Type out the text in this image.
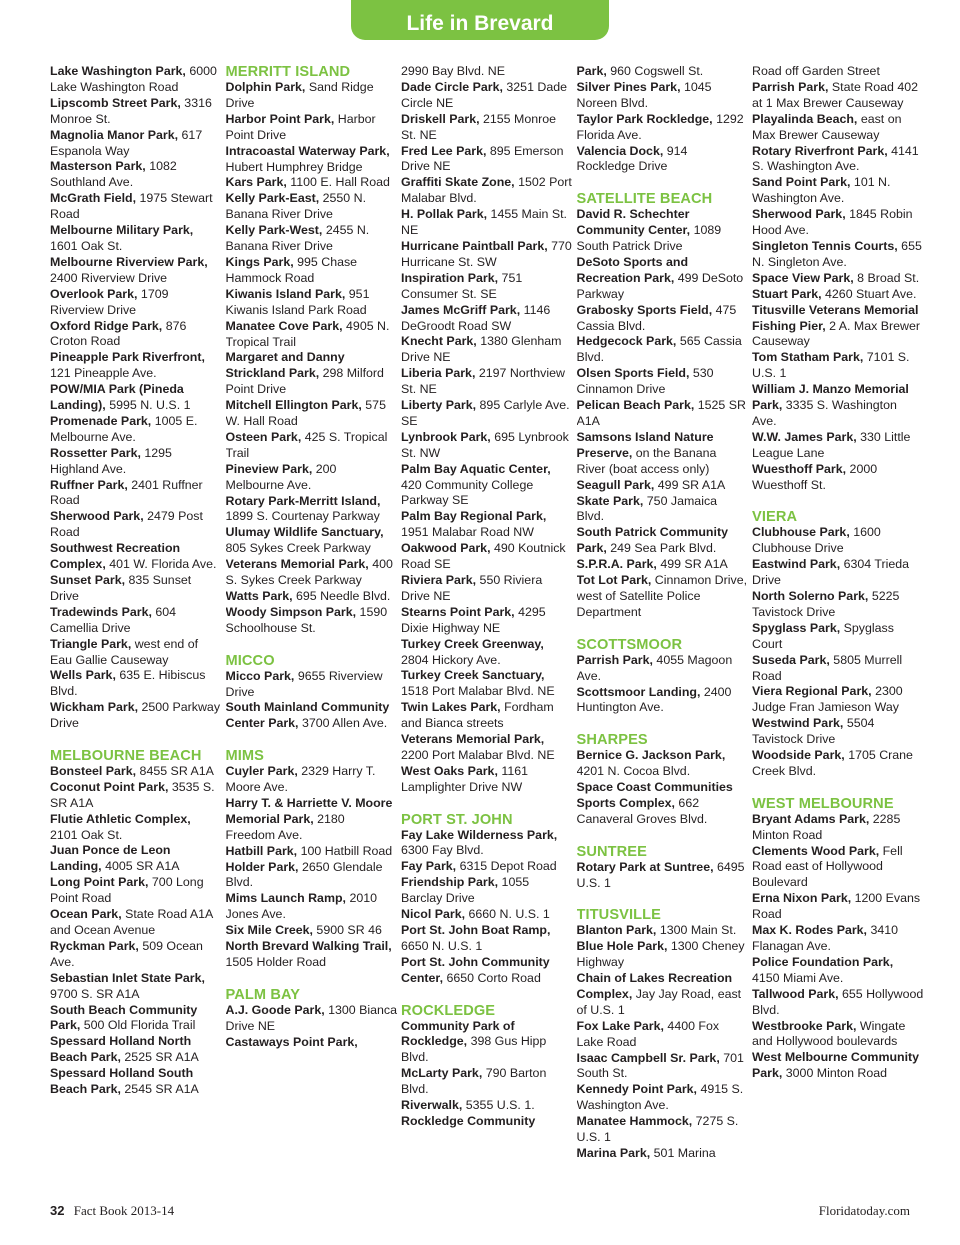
Life in Brevard

Lake Washington Park, 6000 Lake Washington Road

Lipscomb Street Park, 3316 Monroe St.

Magnolia Manor Park, 617 Espanola Way

Masterson Park, 1082 Southland Ave.

McGrath Field, 1975 Stewart Road

Melbourne Military Park, 1601 Oak St.

Melbourne Riverview Park, 2400 Riverview Drive

Overlook Park, 1709 Riverview Drive

Oxford Ridge Park, 876 Croton Road

Pineapple Park Riverfront, 121 Pineapple Ave.

POW/MIA Park (Pineda Landing), 5995 N. U.S. 1

Promenade Park, 1005 E. Melbourne Ave.

Rossetter Park, 1295 Highland Ave.

Ruffner Park, 2401 Ruffner Road

Sherwood Park, 2479 Post Road

Southwest Recreation Complex, 401 W. Florida Ave.

Sunset Park, 835 Sunset Drive

Tradewinds Park, 604 Camellia Drive

Triangle Park, west end of Eau Gallie Causeway

Wells Park, 635 E. Hibiscus Blvd.

Wickham Park, 2500 Parkway Drive

MELBOURNE BEACH

Bonsteel Park, 8455 SR A1A

Coconut Point Park, 3535 S. SR A1A

Flutie Athletic Complex, 2101 Oak St.

Juan Ponce de Leon Landing, 4005 SR A1A

Long Point Park, 700 Long Point Road

Ocean Park, State Road A1A and Ocean Avenue

Ryckman Park, 509 Ocean Ave.

Sebastian Inlet State Park, 9700 S. SR A1A

South Beach Community Park, 500 Old Florida Trail

Spessard Holland North Beach Park, 2525 SR A1A

Spessard Holland South Beach Park, 2545 SR A1A

MERRITT ISLAND

Dolphin Park, Sand Ridge Drive

Harbor Point Park, Harbor Point Drive

Intracoastal Waterway Park, Hubert Humphrey Bridge

Kars Park, 1100 E. Hall Road

Kelly Park-East, 2550 N. Banana River Drive

Kelly Park-West, 2455 N. Banana River Drive

Kings Park, 995 Chase Hammock Road

Kiwanis Island Park, 951 Kiwanis Island Park Road

Manatee Cove Park, 4905 N. Tropical Trail

Margaret and Danny Strickland Park, 298 Milford Point Drive

Mitchell Ellington Park, 575 W. Hall Road

Osteen Park, 425 S. Tropical Trail

Pineview Park, 200 Melbourne Ave.

Rotary Park-Merritt Island, 1899 S. Courtenay Parkway

Ulumay Wildlife Sanctuary, 805 Sykes Creek Parkway

Veterans Memorial Park, 400 S. Sykes Creek Parkway

Watts Park, 695 Needle Blvd.

Woody Simpson Park, 1590 Schoolhouse St.

MICCO

Micco Park, 9655 Riverview Drive

South Mainland Community Center Park, 3700 Allen Ave.

MIMS

Cuyler Park, 2329 Harry T. Moore Ave.

Harry T. & Harriette V. Moore Memorial Park, 2180 Freedom Ave.

Hatbill Park, 100 Hatbill Road

Holder Park, 2650 Glendale Blvd.

Mims Launch Ramp, 2010 Jones Ave.

Six Mile Creek, 5900 SR 46

North Brevard Walking Trail, 1505 Holder Road

PALM BAY

A.J. Goode Park, 1300 Bianca Drive NE

Castaways Point Park,

2990 Bay Blvd. NE

Dade Circle Park, 3251 Dade Circle NE

Driskell Park, 2155 Monroe St. NE

Fred Lee Park, 895 Emerson Drive NE

Graffiti Skate Zone, 1502 Port Malabar Blvd.

H. Pollak Park, 1455 Main St. NE

Hurricane Paintball Park, 770 Hurricane St. SW

Inspiration Park, 751 Consumer St. SE

James McGriff Park, 1146 DeGroodt Road SW

Knecht Park, 1380 Glenham Drive NE

Liberia Park, 2197 Northview St. NE

Liberty Park, 895 Carlyle Ave. SE

Lynbrook Park, 695 Lynbrook St. NW

Palm Bay Aquatic Center, 420 Community College Parkway SE

Palm Bay Regional Park, 1951 Malabar Road NW

Oakwood Park, 490 Koutnick Road SE

Riviera Park, 550 Riviera Drive NE

Stearns Point Park, 4295 Dixie Highway NE

Turkey Creek Greenway, 2804 Hickory Ave.

Turkey Creek Sanctuary, 1518 Port Malabar Blvd. NE

Twin Lakes Park, Fordham and Bianca streets

Veterans Memorial Park, 2200 Port Malabar Blvd. NE

West Oaks Park, 1161 Lamplighter Drive NW

PORT ST. JOHN

Fay Lake Wilderness Park, 6300 Fay Blvd.

Fay Park, 6315 Depot Road

Friendship Park, 1055 Barclay Drive

Nicol Park, 6660 N. U.S. 1

Port St. John Boat Ramp, 6650 N. U.S. 1

Port St. John Community Center, 6650 Corto Road

ROCKLEDGE

Community Park of Rockledge, 398 Gus Hipp Blvd.

McLarty Park, 790 Barton Blvd.

Riverwalk, 5355 U.S. 1.

Rockledge Community

Park, 960 Cogswell St.

Silver Pines Park, 1045 Noreen Blvd.

Taylor Park Rockledge, 1292 Florida Ave.

Valencia Dock, 914 Rockledge Drive

SATELLITE BEACH

David R. Schechter Community Center, 1089 South Patrick Drive

DeSoto Sports and Recreation Park, 499 DeSoto Parkway

Grabosky Sports Field, 475 Cassia Blvd.

Hedgecock Park, 565 Cassia Blvd.

Olsen Sports Field, 530 Cinnamon Drive

Pelican Beach Park, 1525 SR A1A

Samsons Island Nature Preserve, on the Banana River (boat access only)

Seagull Park, 499 SR A1A

Skate Park, 750 Jamaica Blvd.

South Patrick Community Park, 249 Sea Park Blvd.

S.P.R.A. Park, 499 SR A1A

Tot Lot Park, Cinnamon Drive, west of Satellite Police Department

SCOTTSMOOR

Parrish Park, 4055 Magoon Ave.

Scottsmoor Landing, 2400 Huntington Ave.

SHARPES

Bernice G. Jackson Park, 4201 N. Cocoa Blvd.

Space Coast Communities Sports Complex, 662 Canaveral Groves Blvd.

SUNTREE

Rotary Park at Suntree, 6495 U.S. 1

TITUSVILLE

Blanton Park, 1300 Main St.

Blue Hole Park, 1300 Cheney Highway

Chain of Lakes Recreation Complex, Jay Jay Road, east of U.S. 1

Fox Lake Park, 4400 Fox Lake Road

Isaac Campbell Sr. Park, 701 South St.

Kennedy Point Park, 4915 S. Washington Ave.

Manatee Hammock, 7275 S. U.S. 1

Marina Park, 501 Marina

Road off Garden Street

Parrish Park, State Road 402 at 1 Max Brewer Causeway

Playalinda Beach, east on Max Brewer Causeway

Rotary Riverfront Park, 4141 S. Washington Ave.

Sand Point Park, 101 N. Washington Ave.

Sherwood Park, 1845 Robin Hood Ave.

Singleton Tennis Courts, 655 N. Singleton Ave.

Space View Park, 8 Broad St.

Stuart Park, 4260 Stuart Ave.

Titusville Veterans Memorial Fishing Pier, 2 A. Max Brewer Causeway

Tom Statham Park, 7101 S. U.S. 1

William J. Manzo Memorial Park, 3335 S. Washington Ave.

W.W. James Park, 330 Little League Lane

Wuesthoff Park, 2000 Wuesthoff St.

VIERA

Clubhouse Park, 1600 Clubhouse Drive

Eastwind Park, 6304 Trieda Drive

North Solerno Park, 5225 Tavistock Drive

Spyglass Park, Spyglass Court

Suseda Park, 5805 Murrell Road

Viera Regional Park, 2300 Judge Fran Jamieson Way

Westwind Park, 5504 Tavistock Drive

Woodside Park, 1705 Crane Creek Blvd.

WEST MELBOURNE

Bryant Adams Park, 2285 Minton Road

Clements Wood Park, Fell Road east of Hollywood Boulevard

Erna Nixon Park, 1200 Evans Road

Max K. Rodes Park, 3410 Flanagan Ave.

Police Foundation Park, 4150 Miami Ave.

Tallwood Park, 655 Hollywood Blvd.

Westbrooke Park, Wingate and Hollywood boulevards

West Melbourne Community Park, 3000 Minton Road

32 Fact Book 2013-14	Floridatoday.com
